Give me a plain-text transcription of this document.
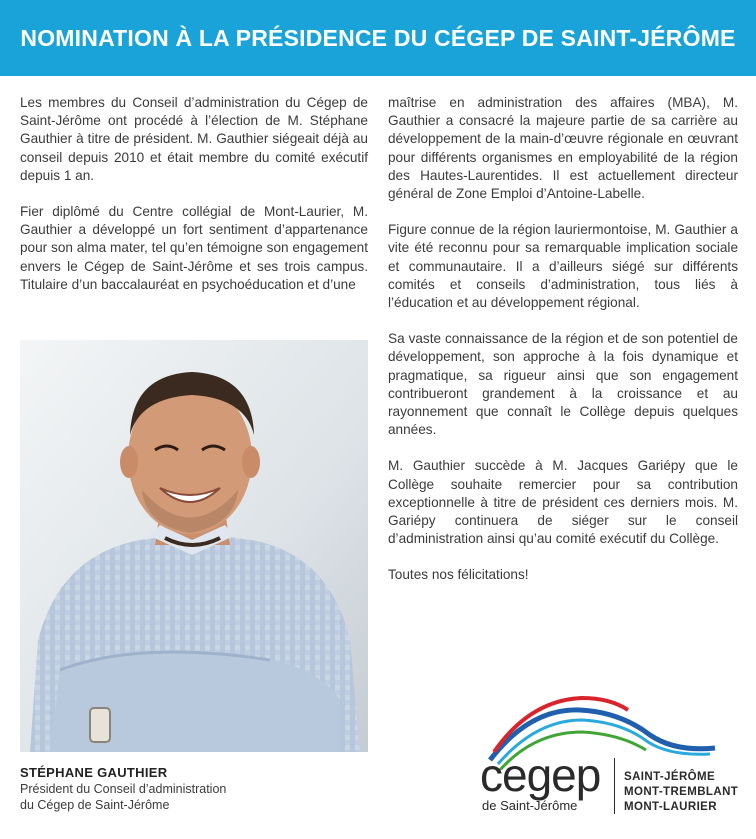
NOMINATION À LA PRÉSIDENCE DU CÉGEP DE SAINT-JÉRÔME

Les membres du Conseil d’administration du Cégep de Saint-Jérôme ont procédé à l’élection de M. Stéphane Gauthier à titre de président. M. Gauthier siégeait déjà au conseil depuis 2010 et était membre du comité exécutif depuis 1 an.

Fier diplômé du Centre collégial de Mont-Laurier, M. Gauthier a développé un fort sentiment d’appartenance pour son alma mater, tel qu’en témoigne son engagement envers le Cégep de Saint-Jérôme et ses trois campus. Titulaire d’un baccalauréat en psychoéducation et d’une

STÉPHANE GAUTHIER
Président du Conseil d’administration
du Cégep de Saint-Jérôme

maîtrise en administration des affaires (MBA), M. Gauthier a consacré la majeure partie de sa carrière au développement de la main-d’œuvre régionale en œuvrant pour différents organismes en employabilité de la région des Hautes-Laurentides. Il est actuellement directeur général de Zone Emploi d’Antoine-Labelle.

Figure connue de la région lauriermontoise, M. Gauthier a vite été reconnu pour sa remarquable implication sociale et communautaire. Il a d’ailleurs siégé sur différents comités et conseils d’administration, tous liés à l’éducation et au développement régional.

Sa vaste connaissance de la région et de son potentiel de développement, son approche à la fois dynamique et pragmatique, sa rigueur ainsi que son engagement contribueront grandement à la croissance et au rayonnement que connaît le Collège depuis quelques années.

M. Gauthier succède à M. Jacques Gariépy que le Collège souhaite remercier pour sa contribution exceptionnelle à titre de président ces derniers mois. M. Gariépy continuera de siéger sur le conseil d’administration ainsi qu’au comité exécutif du Collège.

Toutes nos félicitations!

cegep
de Saint-Jérôme
SAINT-JÉRÔME
MONT-TREMBLANT
MONT-LAURIER
